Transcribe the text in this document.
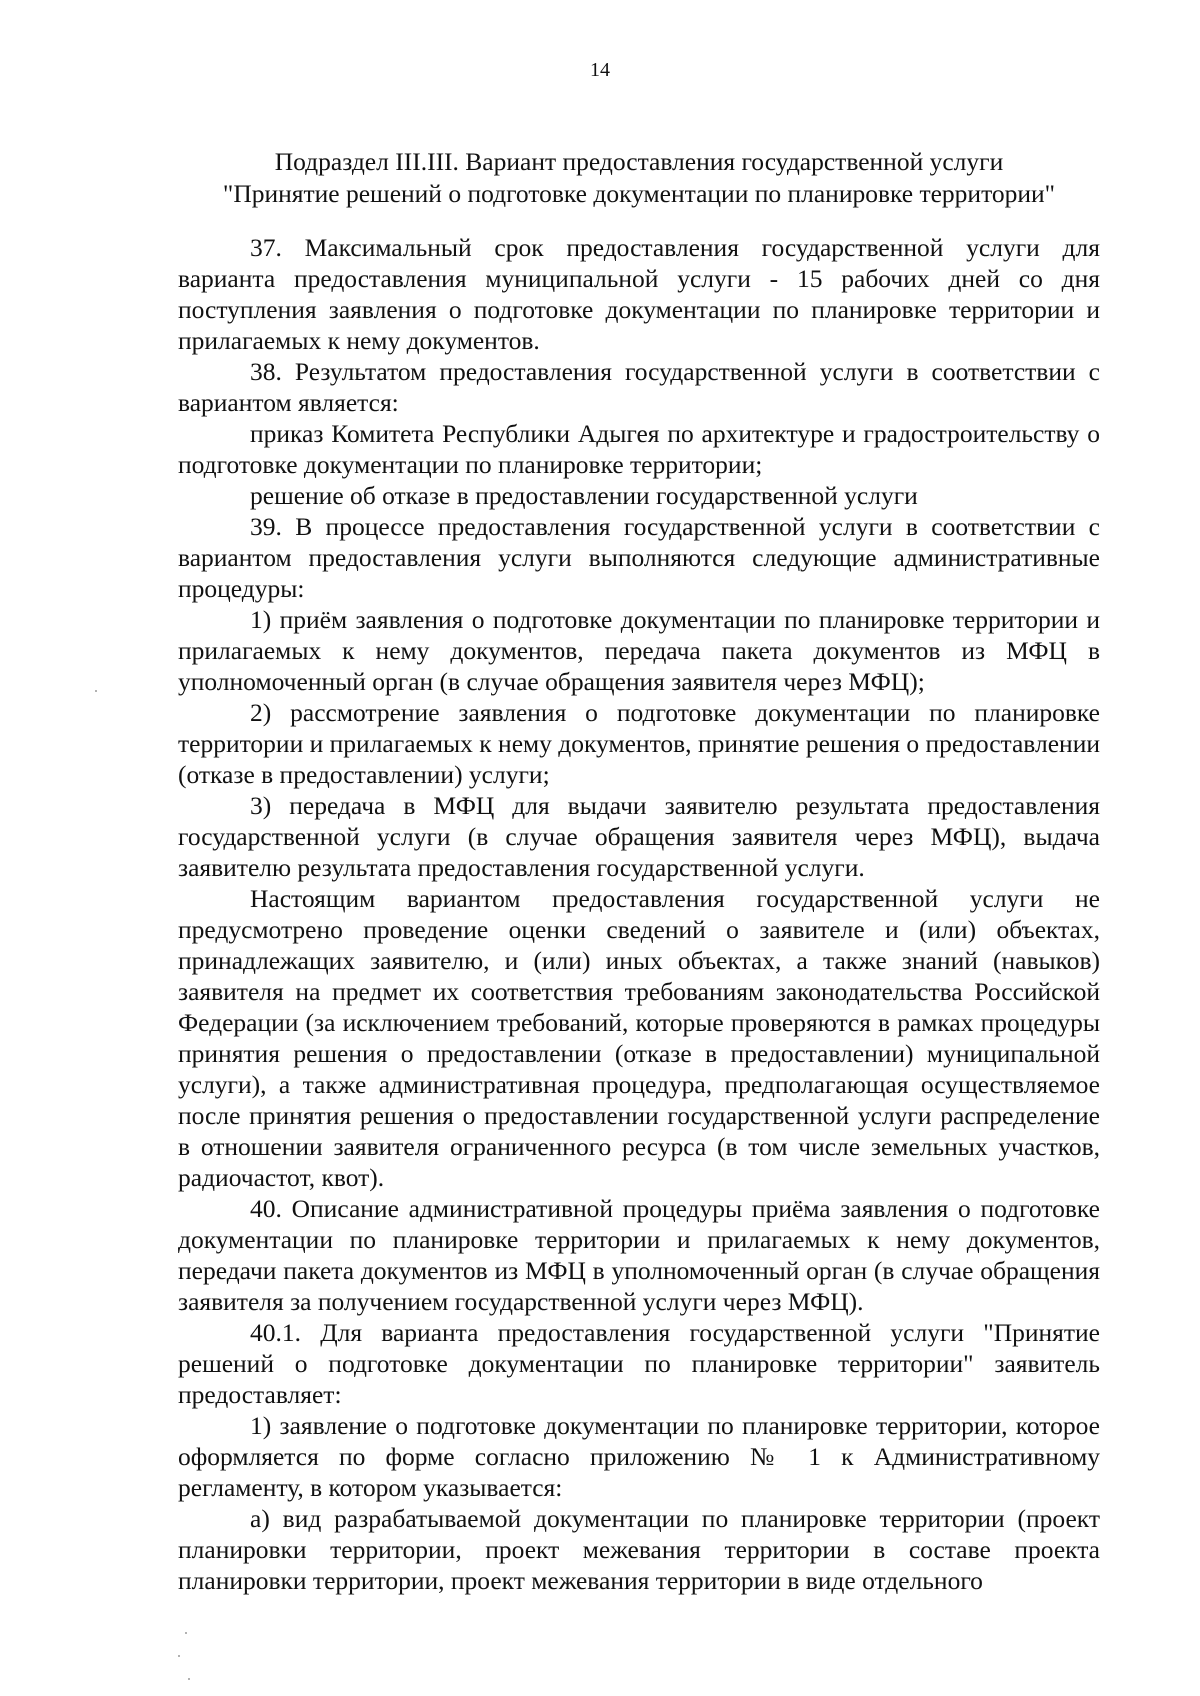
14
Подраздел III.III. Вариант предоставления государственной услуги
"Принятие решений о подготовке документации по планировке территории"

37. Максимальный срок предоставления государственной услуги для варианта предоставления муниципальной услуги - 15 рабочих дней со дня поступления заявления о подготовке документации по планировке территории и прилагаемых к нему документов.

38. Результатом предоставления государственной услуги в соответствии с вариантом является:

приказ Комитета Республики Адыгея по архитектуре и градостроительству о подготовке документации по планировке территории;

решение об отказе в предоставлении государственной услуги

39. В процессе предоставления государственной услуги в соответствии с вариантом предоставления услуги выполняются следующие административные процедуры:

1) приём заявления о подготовке документации по планировке территории и прилагаемых к нему документов, передача пакета документов из МФЦ в уполномоченный орган (в случае обращения заявителя через МФЦ);

2) рассмотрение заявления о подготовке документации по планировке территории и прилагаемых к нему документов, принятие решения о предоставлении (отказе в предоставлении) услуги;

3) передача в МФЦ для выдачи заявителю результата предоставления государственной услуги (в случае обращения заявителя через МФЦ), выдача заявителю результата предоставления государственной услуги.

Настоящим вариантом предоставления государственной услуги не предусмотрено проведение оценки сведений о заявителе и (или) объектах, принадлежащих заявителю, и (или) иных объектах, а также знаний (навыков) заявителя на предмет их соответствия требованиям законодательства Российской Федерации (за исключением требований, которые проверяются в рамках процедуры принятия решения о предоставлении (отказе в предоставлении) муниципальной услуги), а также административная процедура, предполагающая осуществляемое после принятия решения о предоставлении государственной услуги распределение в отношении заявителя ограниченного ресурса (в том числе земельных участков, радиочастот, квот).

40. Описание административной процедуры приёма заявления о подготовке документации по планировке территории и прилагаемых к нему документов, передачи пакета документов из МФЦ в уполномоченный орган (в случае обращения заявителя за получением государственной услуги через МФЦ).

40.1. Для варианта предоставления государственной услуги "Принятие решений о подготовке документации по планировке территории" заявитель предоставляет:

1) заявление о подготовке документации по планировке территории, которое оформляется по форме согласно приложению № 1 к Административному регламенту, в котором указывается:

а) вид разрабатываемой документации по планировке территории (проект планировки территории, проект межевания территории в составе проекта планировки территории, проект межевания территории в виде отдельного
